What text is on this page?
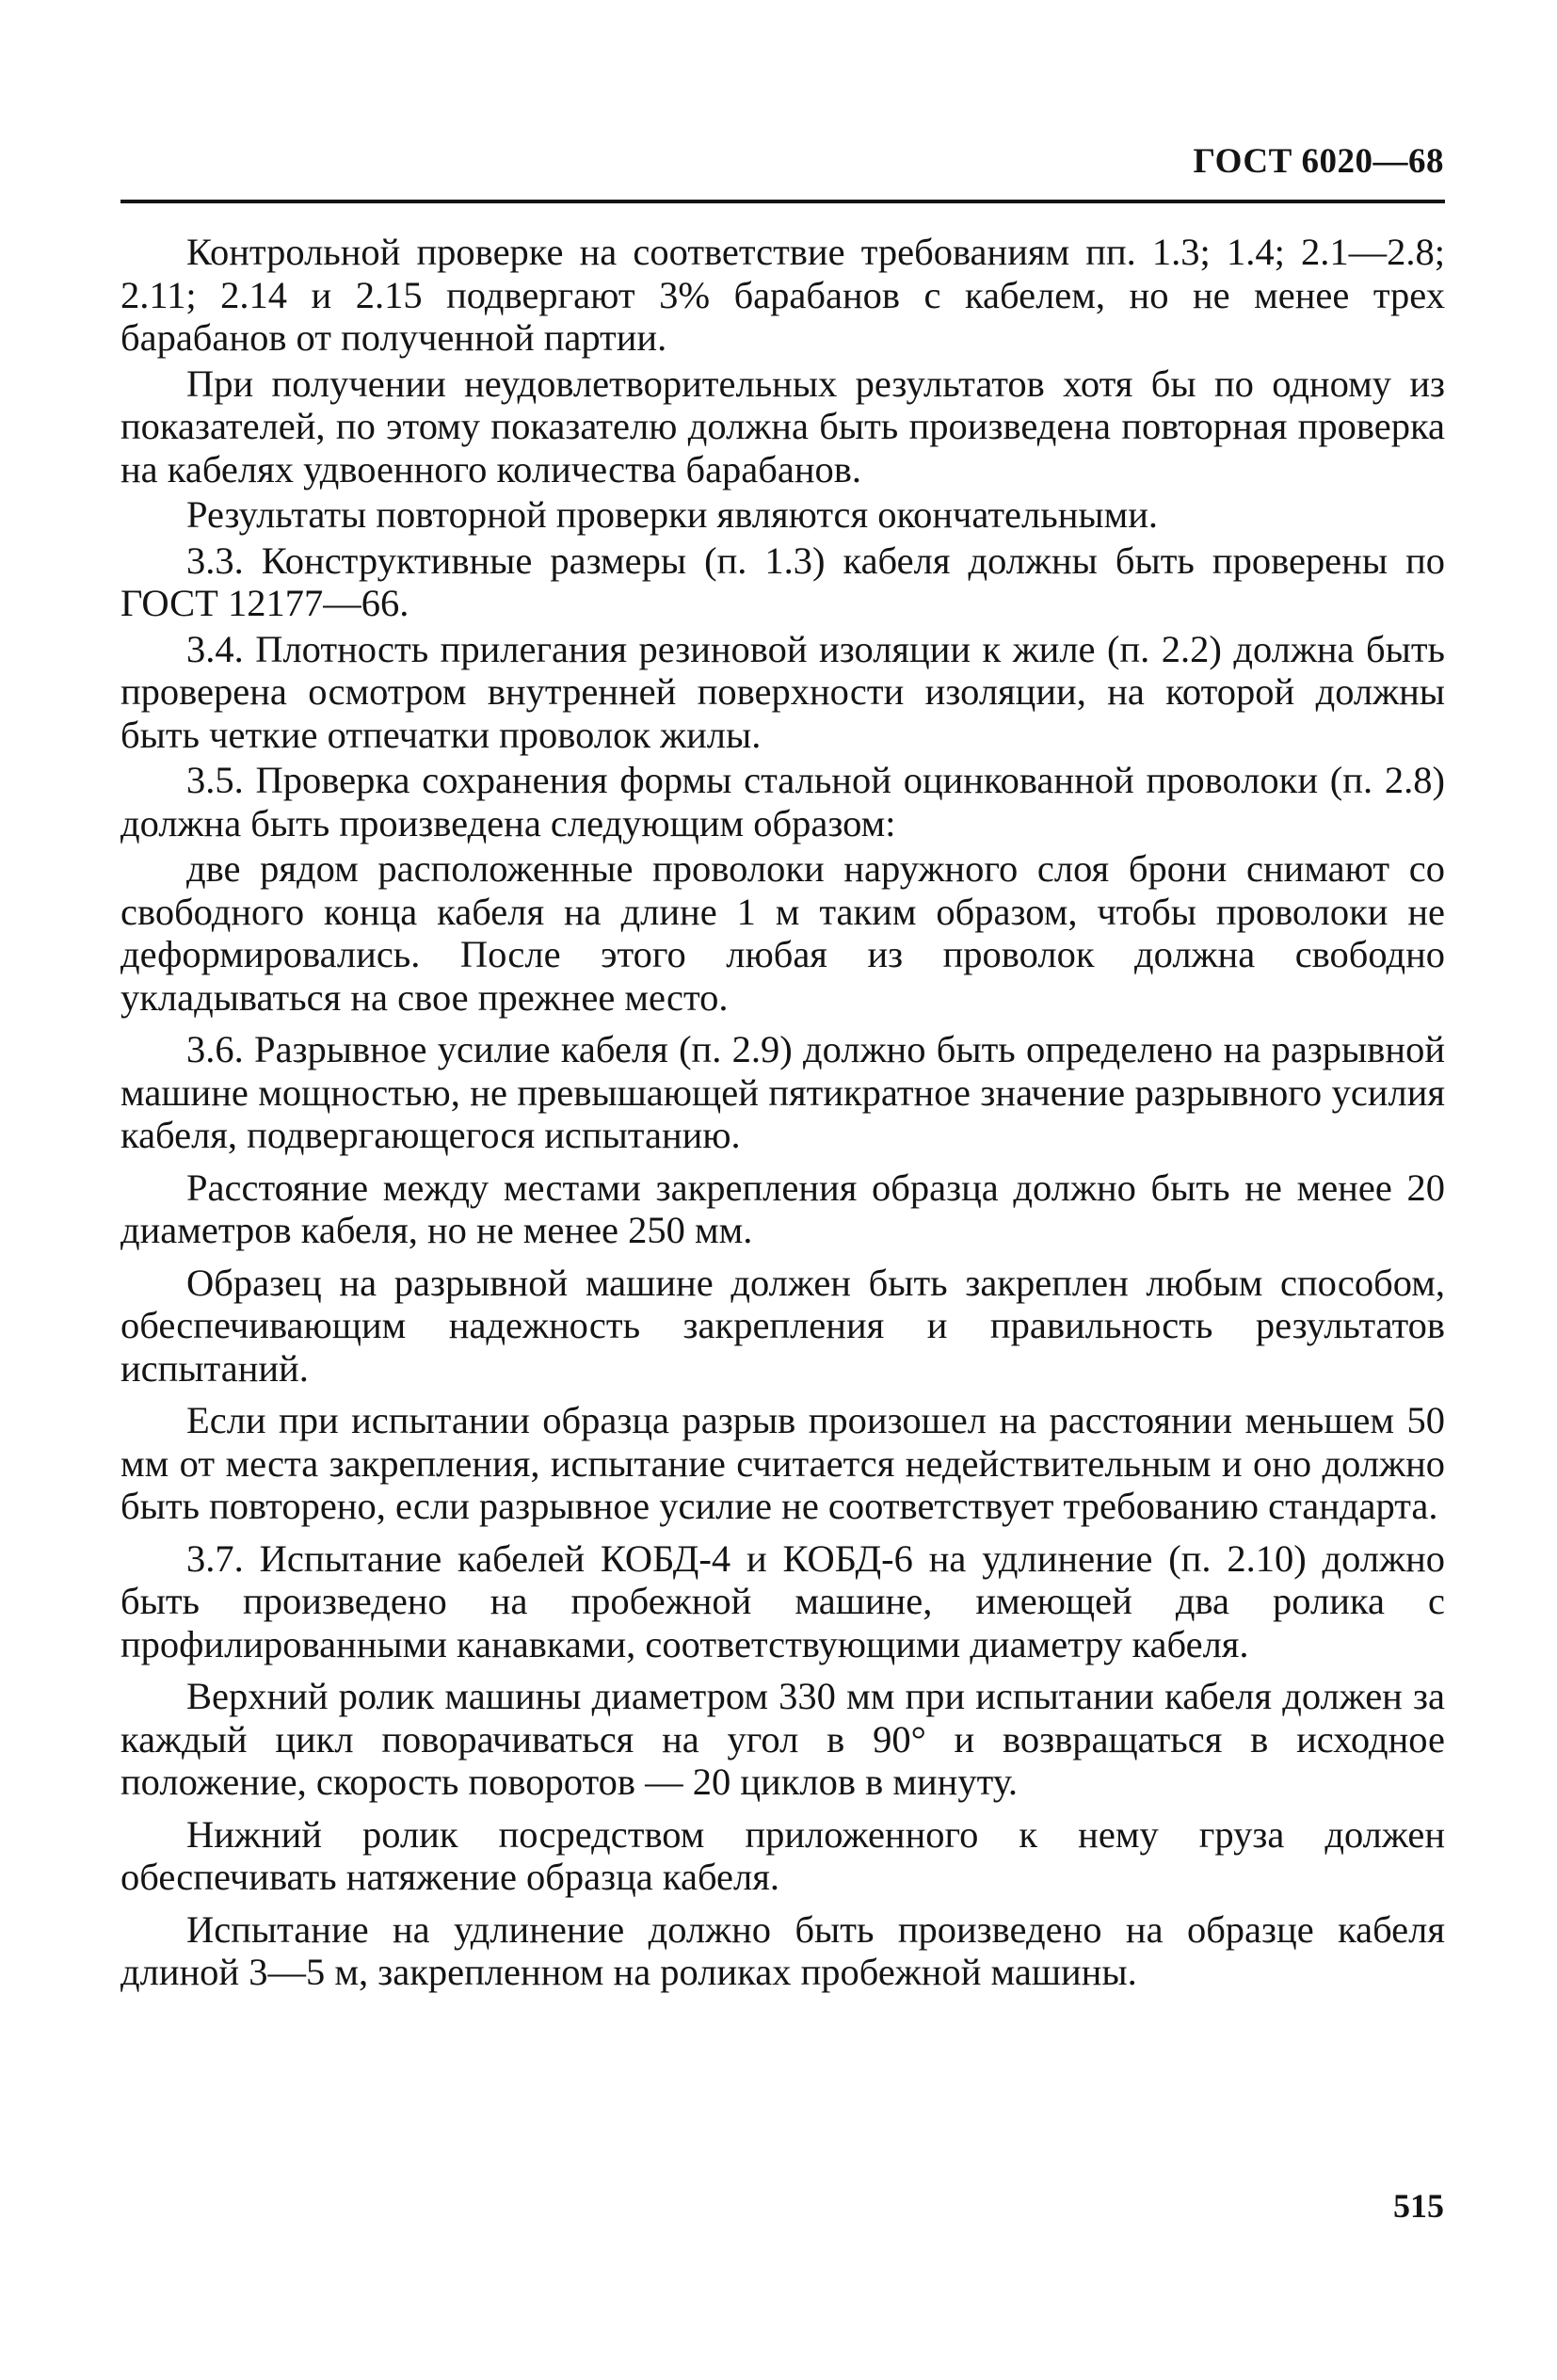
ГОСТ 6020—68

Контрольной проверке на соответствие требованиям пп. 1.3; 1.4; 2.1—2.8; 2.11; 2.14 и 2.15 подвергают 3% барабанов с кабелем, но не менее трех барабанов от полученной партии.

При получении неудовлетворительных результатов хотя бы по одному из показателей, по этому показателю должна быть произведена повторная проверка на кабелях удвоенного количества барабанов.

Результаты повторной проверки являются окончательными.

3.3. Конструктивные размеры (п. 1.3) кабеля должны быть проверены по ГОСТ 12177—66.

3.4. Плотность прилегания резиновой изоляции к жиле (п. 2.2) должна быть проверена осмотром внутренней поверхности изоляции, на которой должны быть четкие отпечатки проволок жилы.

3.5. Проверка сохранения формы стальной оцинкованной проволоки (п. 2.8) должна быть произведена следующим образом:

две рядом расположенные проволоки наружного слоя брони снимают со свободного конца кабеля на длине 1 м таким образом, чтобы проволоки не деформировались. После этого любая из проволок должна свободно укладываться на свое прежнее место.

3.6. Разрывное усилие кабеля (п. 2.9) должно быть определено на разрывной машине мощностью, не превышающей пятикратное значение разрывного усилия кабеля, подвергающегося испытанию.

Расстояние между местами закрепления образца должно быть не менее 20 диаметров кабеля, но не менее 250 мм.

Образец на разрывной машине должен быть закреплен любым способом, обеспечивающим надежность закрепления и правильность результатов испытаний.

Если при испытании образца разрыв произошел на расстоянии меньшем 50 мм от места закрепления, испытание считается недействительным и оно должно быть повторено, если разрывное усилие не соответствует требованию стандарта.

3.7. Испытание кабелей КОБД-4 и КОБД-6 на удлинение (п. 2.10) должно быть произведено на пробежной машине, имеющей два ролика с профилированными канавками, соответствующими диаметру кабеля.

Верхний ролик машины диаметром 330 мм при испытании кабеля должен за каждый цикл поворачиваться на угол в 90° и возвращаться в исходное положение, скорость поворотов — 20 циклов в минуту.

Нижний ролик посредством приложенного к нему груза должен обеспечивать натяжение образца кабеля.

Испытание на удлинение должно быть произведено на образце кабеля длиной 3—5 м, закрепленном на роликах пробежной машины.

515
